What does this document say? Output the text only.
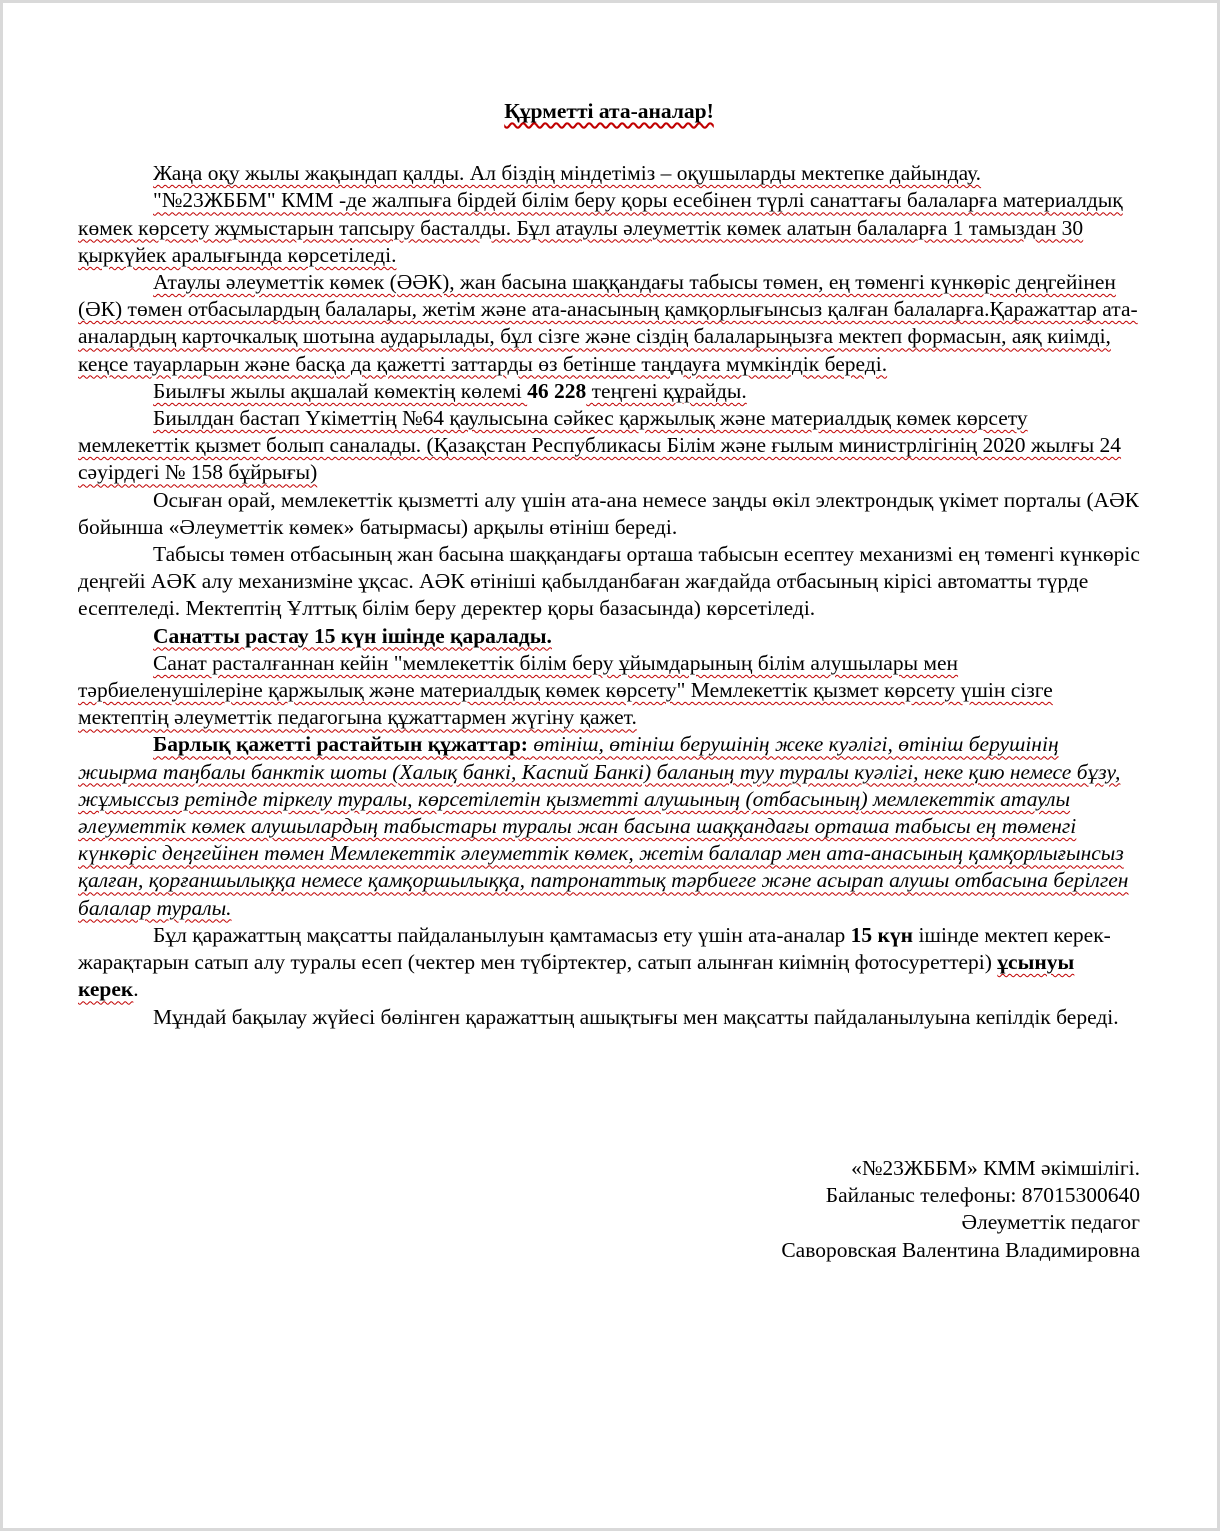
Құрметті ата-аналар!

Жаңа оқу жылы жақындап қалды. Ал біздің міндетіміз – оқушыларды мектепке дайындау.

"№23ЖББМ" КММ -де жалпыға бірдей білім беру қоры есебінен түрлі санаттағы балаларға материалдық көмек көрсету жұмыстарын тапсыру басталды. Бұл атаулы әлеуметтік көмек алатын балаларға 1 тамыздан 30 қыркүйек аралығында көрсетіледі.

Атаулы әлеуметтік көмек (ӘӘК), жан басына шаққандағы табысы төмен, ең төменгі күнкөріс деңгейінен (ӘК) төмен отбасылардың балалары, жетім және ата-анасының қамқорлығынсыз қалған балаларға.Қаражаттар ата-аналардың карточкалық шотына аударылады, бұл сізге және сіздің балаларыңызға мектеп формасын, аяқ киімді, кеңсе тауарларын және басқа да қажетті заттарды өз бетінше таңдауға мүмкіндік береді.

Биылғы жылы ақшалай көмектің көлемі 46 228 теңгені құрайды.

Биылдан бастап Үкіметтің №64 қаулысына сәйкес қаржылық және материалдық көмек көрсету мемлекеттік қызмет болып саналады. (Қазақстан Республикасы Білім және ғылым министрлігінің 2020 жылғы 24 сәуірдегі № 158 бұйрығы)

Осыған орай, мемлекеттік қызметті алу үшін ата-ана немесе заңды өкіл электрондық үкімет порталы (АӘК бойынша «Әлеуметтік көмек» батырмасы) арқылы өтініш береді.

Табысы төмен отбасының жан басына шаққандағы орташа табысын есептеу механизмі ең төменгі күнкөріс деңгейі АӘК алу механизміне ұқсас. АӘК өтініші қабылданбаған жағдайда отбасының кірісі автоматты түрде есептеледі. Мектептің Ұлттық білім беру деректер қоры базасында) көрсетіледі.

Санатты растау 15 күн ішінде қаралады.

Санат расталғаннан кейін "мемлекеттік білім беру ұйымдарының білім алушылары мен тәрбиеленушілеріне қаржылық және материалдық көмек көрсету" Мемлекеттік қызмет көрсету үшін сізге мектептің әлеуметтік педагогына құжаттармен жүгіну қажет.

Барлық қажетті растайтын құжаттар: өтініш, өтініш берушінің жеке куәлігі, өтініш берушінің жиырма таңбалы банктік шоты (Халық банкі, Каспий Банкі) баланың туу туралы куәлігі, неке қию немесе бұзу, жұмыссыз ретінде тіркелу туралы, көрсетілетін қызметті алушының (отбасының) мемлекеттік атаулы әлеуметтік көмек алушылардың табыстары туралы жан басына шаққандағы орташа табысы ең төменгі күнкөріс деңгейінен төмен Мемлекеттік әлеуметтік көмек, жетім балалар мен ата-анасының қамқорлығынсыз қалған, қорғаншылыққа немесе қамқоршылыққа, патронаттық тәрбиеге және асырап алушы отбасына берілген балалар туралы.

Бұл қаражаттың мақсатты пайдаланылуын қамтамасыз ету үшін ата-аналар 15 күн ішінде мектеп керек-жарақтарын сатып алу туралы есеп (чектер мен түбіртектер, сатып алынған киімнің фотосуреттері) ұсынуы керек.

Мұндай бақылау жүйесі бөлінген қаражаттың ашықтығы мен мақсатты пайдаланылуына кепілдік береді.

«№23ЖББМ» КММ әкімшілігі.
Байланыс телефоны: 87015300640
Әлеуметтік педагог
Саворовская Валентина Владимировна
